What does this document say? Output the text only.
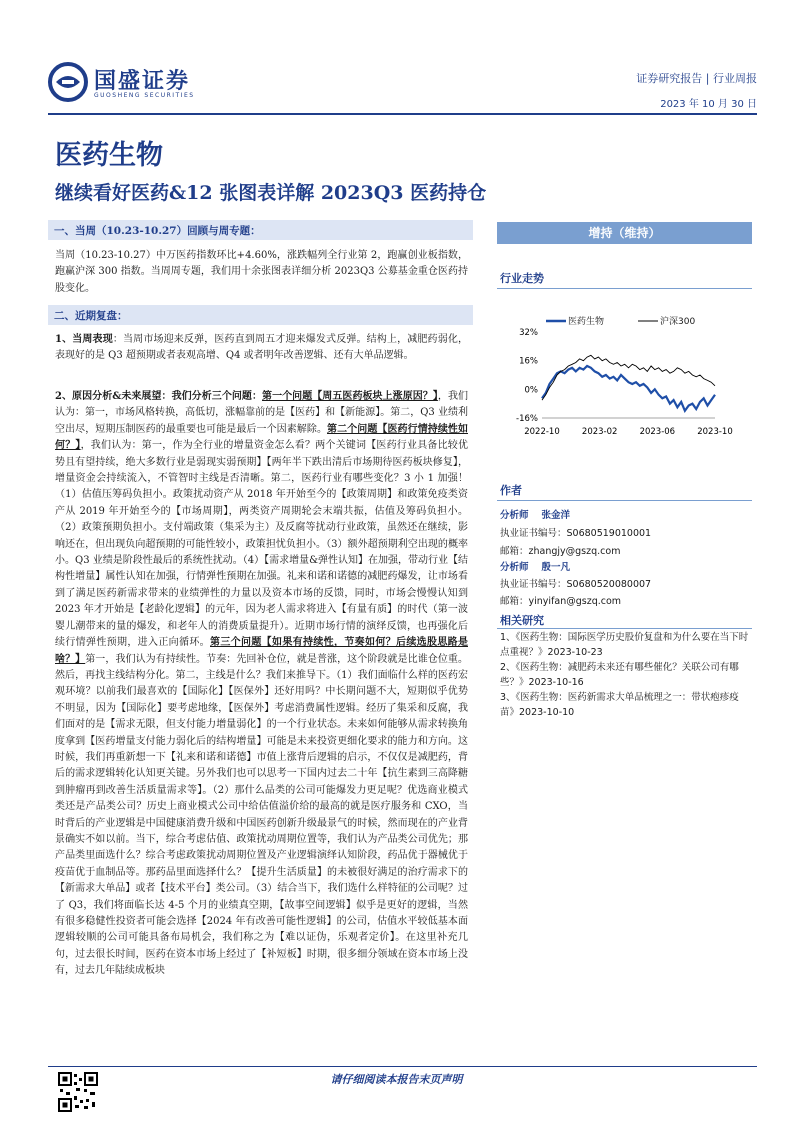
国盛证券
GUOSHENG SECURITIES
证券研究报告 | 行业周报
2023 年 10 月 30 日
医药生物
继续看好医药&12 张图表详解 2023Q3 医药持仓
一、当周（10.23-10.27）回顾与周专题：
当周（10.23-10.27）中万医药指数环比+4.60%，涨跌幅列全行业第 2，跑赢创业板指数，跑赢沪深 300 指数。当周周专题，我们用十余张图表详细分析 2023Q3 公募基金重仓医药持股变化。
二、近期复盘：
1、当周表现：当周市场迎来反弹，医药直到周五才迎来爆发式反弹。结构上，减肥药弱化，表现好的是 Q3 超预期或者表观高增、Q4 或者明年改善逻辑、还有大单品逻辑。
2、原因分析&未来展望：我们分析三个问题：第一个问题【周五医药板块上涨原因？】，我们认为：第一，市场风格转换，高低切，涨幅靠前的是【医药】和【新能源】。第二，Q3 业绩利空出尽，短期压制医药的最重要也可能是最后一个因素解除。第二个问题【医药行情持续性如何？】，我们认为：第一，作为全行业的增量资金怎么看？两个关键词【医药行业具备比较优势且有望持续，绝大多数行业是弱现实弱预期】【两年半下跌出清后市场期待医药板块修复】，增量资金会持续流入，不管智时主线是否清晰。第二，医药行业有哪些变化？3 小 1 加强！（1）估值压筹码负担小。政策扰动资产从 2018 年开始至今的【政策周期】和政策免疫类资产从 2019 年开始至今的【市场周期】，两类资产周期轮会末端共振，估值及筹码负担小。（2）政策预期负担小。支付端政策（集采为主）及反腐等扰动行业政策，虽然还在继续，影响还在，但出现负向超预期的可能性较小，政策担忧负担小。（3）额外超预期利空出现的概率小。Q3 业绩是阶段性最后的系统性扰动。（4）【需求增量&弹性认知】在加强，带动行业【结构性增量】属性认知在加强，行情弹性预期在加强。礼来和诺和诺德的减肥药爆发，让市场看到了满足医药新需求带来的业绩弹性的力量以及资本市场的反馈，同时，市场会慢慢认知到 2023 年才开始是【老龄化逻辑】的元年，因为老人需求将进入【有量有质】的时代（第一波婴儿潮带来的量的爆发，和老年人的消费质量提升）。近期市场行情的演绎反馈，也再强化后续行情弹性预期，进入正向循环。第三个问题【如果有持续性，节奏如何？后续选股思路是啥？】第一，我们认为有持续性。节奏：先回补仓位，就是普涨，这个阶段就是比谁仓位重。然后，再找主线结构分化。第二，主线是什么？我们来推导下。（1）我们面临什么样的医药宏观环境？以前我们最喜欢的【国际化】【医保外】还好用吗？中长期问题不大，短期似乎优势不明显，因为【国际化】要考虑地缘，【医保外】考虑消费属性逻辑。经历了集采和反腐，我们面对的是【需求无限，但支付能力增量弱化】的一个行业状态。未来如何能够从需求转换角度拿到【医药增量支付能力弱化后的结构增量】可能是未来投资更细化要求的能力和方向。这时候，我们再重新想一下【礼来和诺和诺德】市值上涨背后逻辑的启示，不仅仅是减肥药，背后的需求逻辑转化认知更关键。另外我们也可以思考一下国内过去二十年【抗生素到三高降糖到肿瘤再到改善生活质量需求等】。（2）那什么品类的公司可能爆发力更足呢？优选商业模式类还是产品类公司？历史上商业模式公司中给估值溢价给的最高的就是医疗服务和 CXO，当时背后的产业逻辑是中国健康消费升级和中国医药创新升级最景气的时候，然而现在的产业背景确实不如以前。当下，综合考虑估值、政策扰动周期位置等，我们认为产品类公司优先；那产品类里面选什么？综合考虑政策扰动周期位置及产业逻辑演绎认知阶段，药品优于器械优于疫苗优于血制品等。那药品里面选择什么？【提升生活质量】的未被很好满足的治疗需求下的【新需求大单品】或者【技术平台】类公司。（3）结合当下，我们选什么样特征的公司呢？过了 Q3，我们将面临长达 4-5 个月的业绩真空期，【故事空间逻辑】似乎是更好的逻辑，当然有很多稳健性投资者可能会选择【2024 年有改善可能性逻辑】的公司，估值水平较低基本面逻辑较顺的公司可能具备布局机会，我们称之为【难以证伪，乐观者定价】。在这里补充几句，过去很长时间，医药在资本市场上经过了【补短板】时期，很多细分领域在资本市场上没有，过去几年陆续成板块
增持（维持）
行业走势
医药生物	沪深300
32%
16%
0%
-16%
2022-10	2023-02	2023-06	2023-10
作者
分析师 张金洋
执业证书编号：S0680519010001
邮箱：zhangjy@gszq.com
分析师 殷一凡
执业证书编号：S0680520080007
邮箱：yinyifan@gszq.com
相关研究
1、《医药生物：国际医学历史股价复盘和为什么要在当下时点重视？》2023-10-23
2、《医药生物：减肥药未来还有哪些催化？关联公司有哪些？》2023-10-16
3、《医药生物：医药新需求大单品梳理之一：带状疱疹疫苗》2023-10-10
请仔细阅读本报告末页声明
